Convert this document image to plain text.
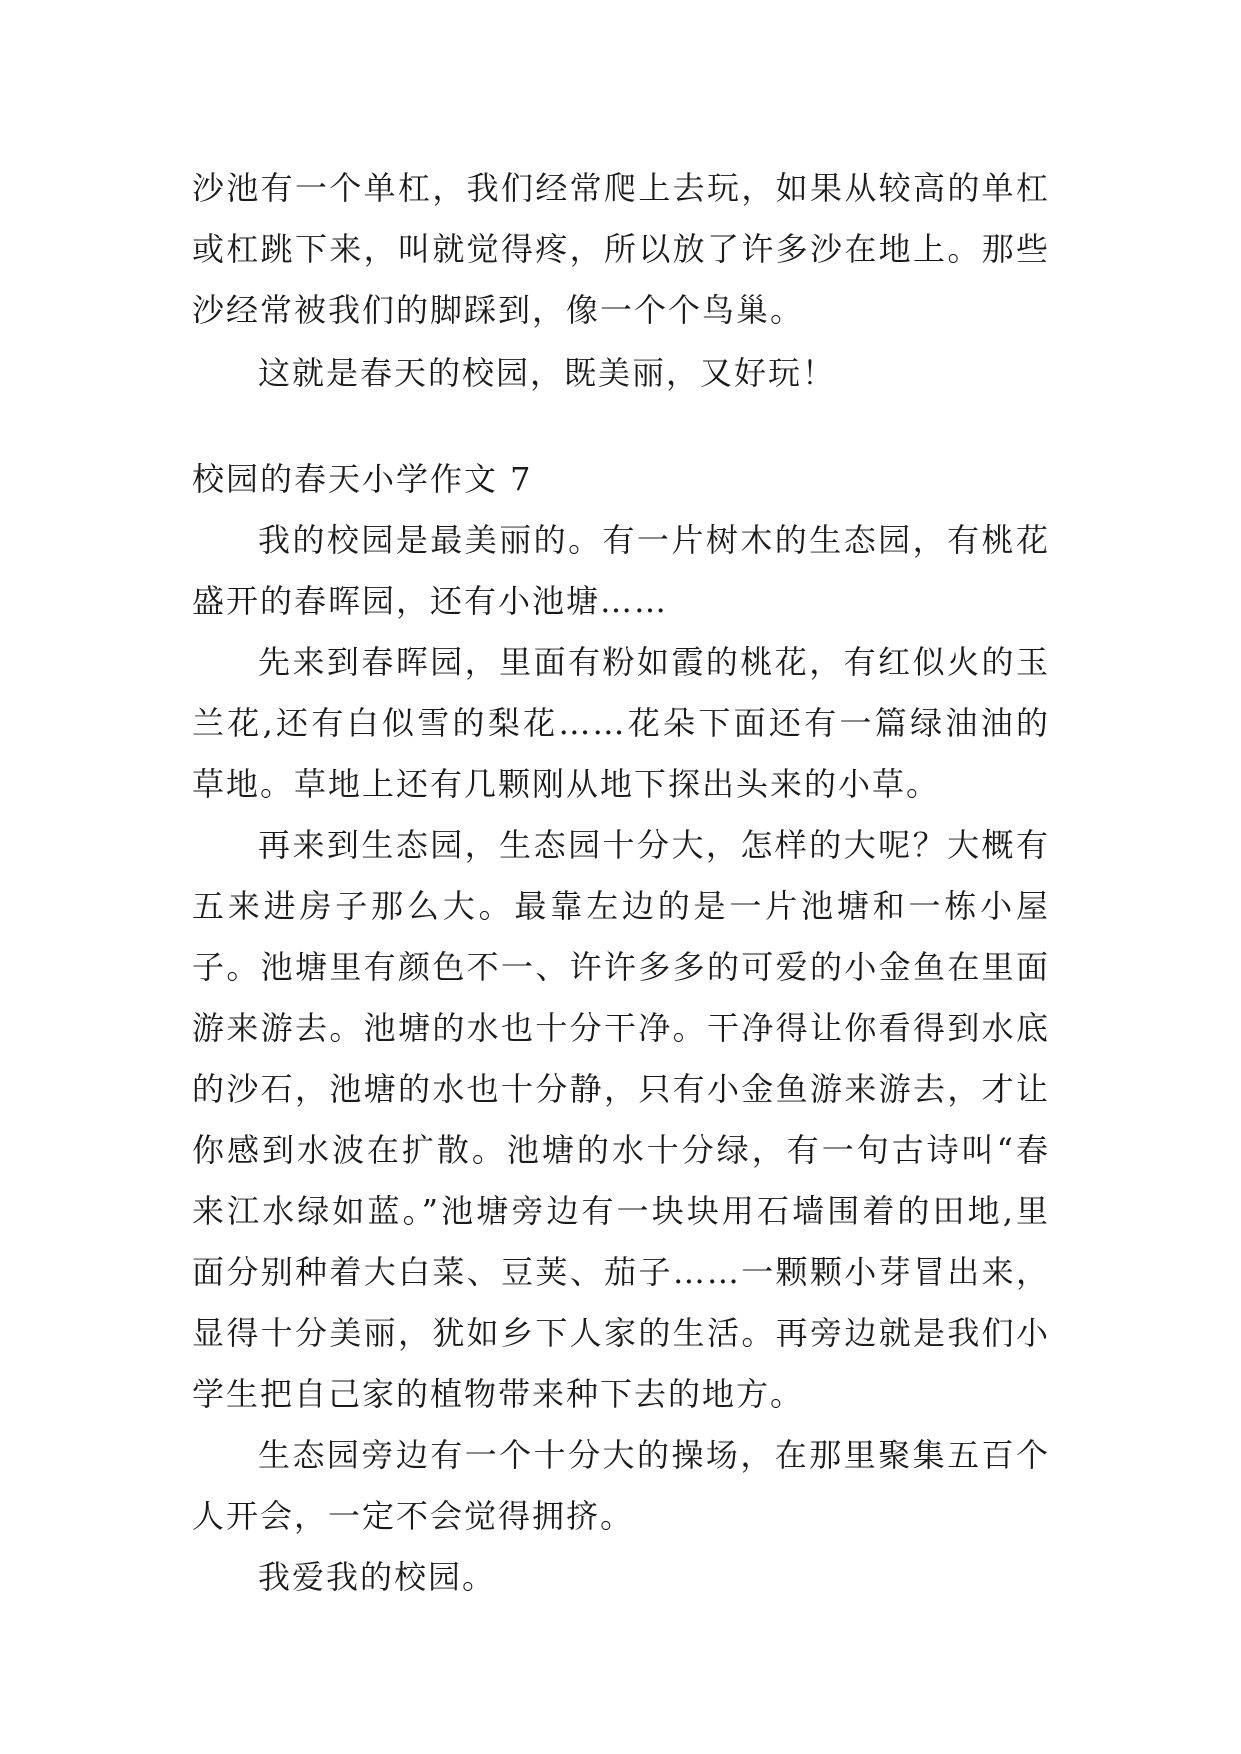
沙池有一个单杠，我们经常爬上去玩，如果从较高的单杠或杠跳下来，叫就觉得疼，所以放了许多沙在地上。那些沙经常被我们的脚踩到，像一个个鸟巢。

这就是春天的校园，既美丽，又好玩！

校园的春天小学作文 7

我的校园是最美丽的。有一片树木的生态园，有桃花盛开的春晖园，还有小池塘……

先来到春晖园，里面有粉如霞的桃花，有红似火的玉兰花,还有白似雪的梨花……花朵下面还有一篇绿油油的草地。草地上还有几颗刚从地下探出头来的小草。

再来到生态园，生态园十分大，怎样的大呢？大概有五来进房子那么大。最靠左边的是一片池塘和一栋小屋子。池塘里有颜色不一、许许多多的可爱的小金鱼在里面游来游去。池塘的水也十分干净。干净得让你看得到水底的沙石，池塘的水也十分静，只有小金鱼游来游去，才让你感到水波在扩散。池塘的水十分绿，有一句古诗叫“春来江水绿如蓝。”池塘旁边有一块块用石墙围着的田地,里面分别种着大白菜、豆荚、茄子……一颗颗小芽冒出来，显得十分美丽，犹如乡下人家的生活。再旁边就是我们小学生把自己家的植物带来种下去的地方。

生态园旁边有一个十分大的操场，在那里聚集五百个人开会，一定不会觉得拥挤。

我爱我的校园。
